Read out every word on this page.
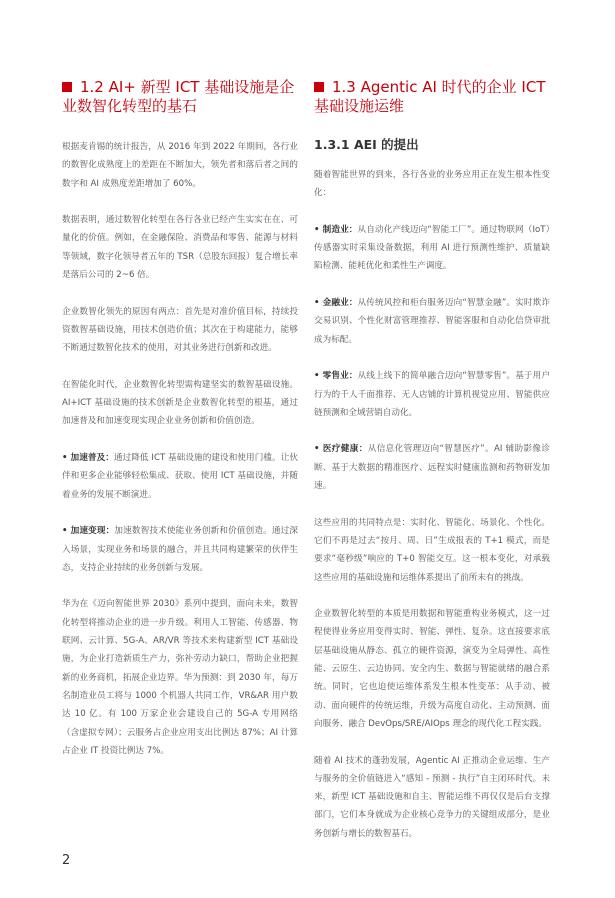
1.2 AI+ 新型 ICT 基础设施是企业数智化转型的基石

根据麦肯锡的统计报告，从 2016 年到 2022 年期间，各行业的数智化成熟度上的差距在不断加大，领先者和落后者之间的数字和 AI 成熟度差距增加了 60%。

数据表明，通过数智化转型在各行各业已经产生实实在在、可量化的价值。例如，在金融保险、消费品和零售、能源与材料等领域，数字化领导者五年的 TSR（总股东回报）复合增长率是落后公司的 2~6 倍。

企业数智化领先的原因有两点：首先是对准价值目标，持续投资数智基础设施，用技术创造价值；其次在于构建能力，能够不断通过数智化技术的使用，对其业务进行创新和改进。

在智能化时代，企业数智化转型需构建坚实的数智基础设施。AI+ICT 基础设施的技术创新是企业数智化转型的根基，通过加速普及和加速变现实现企业业务创新和价值创造。

• 加速普及：通过降低 ICT 基础设施的建设和使用门槛。让伙伴和更多企业能够轻松集成、获取、使用 ICT 基础设施，并随着业务的发展不断演进。

• 加速变现：加速数智技术使能业务创新和价值创造。通过深入场景，实现业务和场景的融合，并且共同构建繁荣的伙伴生态，支持企业持续的业务创新与发展。

华为在《迈向智能世界 2030》系列中提到，面向未来，数智化转型将推动企业的进一步升级。利用人工智能、传感器、物联网、云计算、5G-A、AR/VR 等技术来构建新型 ICT 基础设施，为企业打造新质生产力，弥补劳动力缺口，帮助企业把握新的业务商机，拓展企业边界。华为预测：到 2030 年，每万名制造业员工将与 1000 个机器人共同工作，VR&AR 用户数达 10 亿。有 100 万家企业会建设自己的 5G-A 专用网络（含虚拟专网）；云服务占企业应用支出比例达 87%；AI 计算占企业 IT 投资比例达 7%。

1.3 Agentic AI 时代的企业 ICT 基础设施运维
1.3.1 AEI 的提出

随着智能世界的到来，各行各业的业务应用正在发生根本性变化：

• 制造业：从自动化产线迈向“智能工厂”。通过物联网（IoT）传感器实时采集设备数据，利用 AI 进行预测性维护、质量缺陷检测、能耗优化和柔性生产调度。

• 金融业：从传统风控和柜台服务迈向“智慧金融”。实时欺诈交易识别、个性化财富管理推荐、智能客服和自动化信贷审批成为标配。

• 零售业：从线上线下的简单融合迈向“智慧零售”。基于用户行为的千人千面推荐、无人店铺的计算机视觉应用、智能供应链预测和全域营销自动化。

• 医疗健康：从信息化管理迈向“智慧医疗”。AI 辅助影像诊断、基于大数据的精准医疗、远程实时健康监测和药物研发加速。

这些应用的共同特点是：实时化、智能化、场景化、个性化。它们不再是过去“按月、周、日”生成报表的 T+1 模式，而是要求“毫秒级”响应的 T+0 智能交互。这一根本变化，对承载这些应用的基础设施和运维体系提出了前所未有的挑战。

企业数智化转型的本质是用数据和智能重构业务模式，这一过程使得业务应用变得实时、智能、弹性、复杂。这直接要求底层基础设施从静态、孤立的硬件资源，演变为全局弹性、高性能、云原生、云边协同、安全内生、数据与智能就绪的融合系统。同时，它也迫使运维体系发生根本性变革：从手动、被动、面向硬件的传统运维，升级为高度自动化、主动预测、面向服务、融合 DevOps/SRE/AIOps 理念的现代化工程实践。

随着 AI 技术的蓬勃发展，Agentic AI 正推动企业运维、生产与服务的全价值链进入“感知 - 预测 - 执行”自主闭环时代。未来，新型 ICT 基础设施和自主、智能运维不再仅仅是后台支撑部门，它们本身就成为企业核心竞争力的关键组成部分，是业务创新与增长的数智基石。

2
